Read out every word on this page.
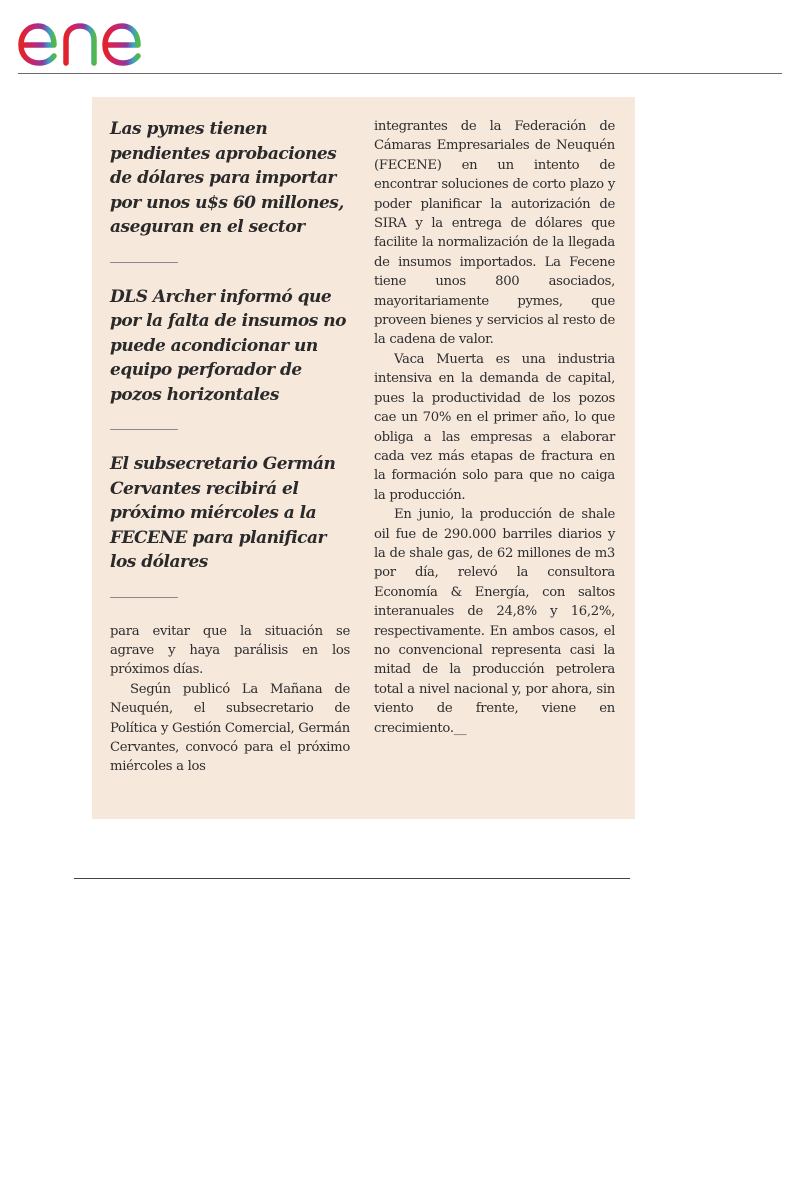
Las pymes tienen pendientes aprobaciones de dólares para importar por unos u$s 60 millones, aseguran en el sector

DLS Archer informó que por la falta de insumos no puede acondicionar un equipo perforador de pozos horizontales

El subsecretario Germán Cervantes recibirá el próximo miércoles a la FECENE para planificar los dólares

para evitar que la situación se agrave y haya parálisis en los próximos días.

Según publicó La Mañana de Neuquén, el subsecretario de Política y Gestión Comercial, Germán Cervantes, convocó para el próximo miércoles a los

integrantes de la Federación de Cámaras Empresariales de Neuquén (FECENE) en un intento de encontrar soluciones de corto plazo y poder planificar la autorización de SIRA y la entrega de dólares que facilite la normalización de la llegada de insumos importados. La Fecene tiene unos 800 asociados, mayoritariamente pymes, que proveen bienes y servicios al resto de la cadena de valor.

Vaca Muerta es una industria intensiva en la demanda de capital, pues la productividad de los pozos cae un 70% en el primer año, lo que obliga a las empresas a elaborar cada vez más etapas de fractura en la formación solo para que no caiga la producción.

En junio, la producción de shale oil fue de 290.000 barriles diarios y la de shale gas, de 62 millones de m3 por día, relevó la consultora Economía & Energía, con saltos interanuales de 24,8% y 16,2%, respectivamente. En ambos casos, el no convencional representa casi la mitad de la producción petrolera total a nivel nacional y, por ahora, sin viento de frente, viene en crecimiento.__
